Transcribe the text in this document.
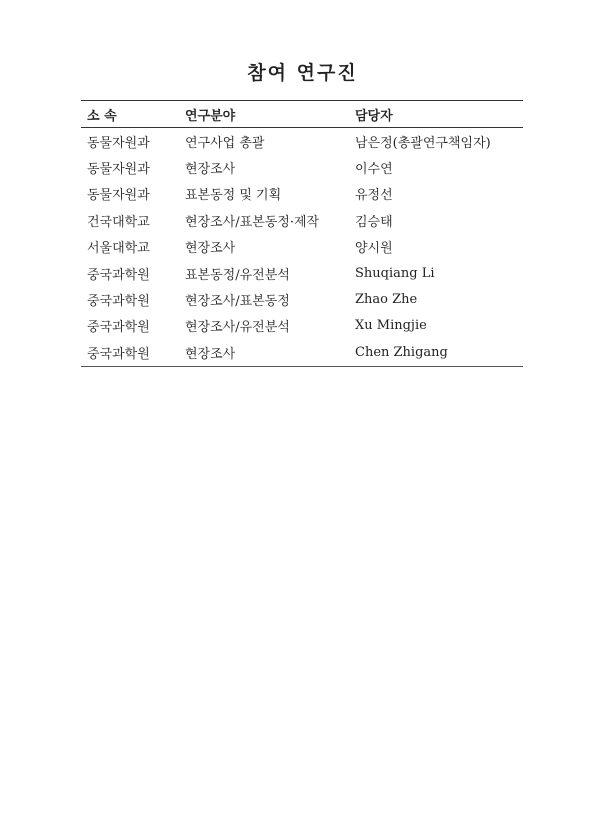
참여 연구진
소 속	연구분야	담당자
동물자원과	연구사업 총괄	남은정(총괄연구책임자)
동물자원과	현장조사	이수연
동물자원과	표본동정 및 기획	유정선
건국대학교	현장조사/표본동정·제작	김승태
서울대학교	현장조사	양시원
중국과학원	표본동정/유전분석	Shuqiang Li
중국과학원	현장조사/표본동정	Zhao Zhe
중국과학원	현장조사/유전분석	Xu Mingjie
중국과학원	현장조사	Chen Zhigang
